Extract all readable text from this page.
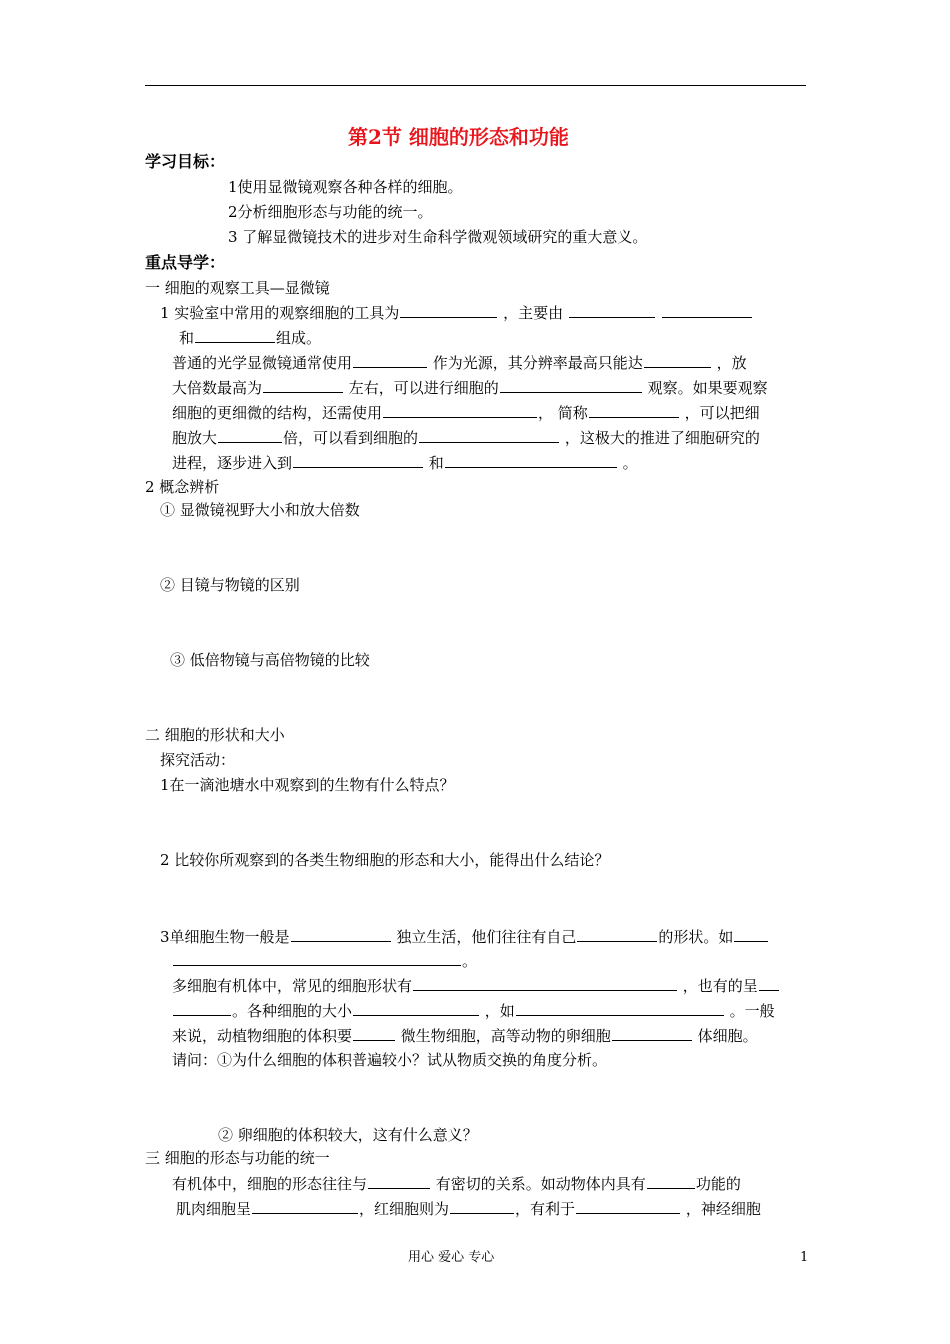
第2节 细胞的形态和功能
学习目标：
1使用显微镜观察各种各样的细胞。
2分析细胞形态与功能的统一。
3 了解显微镜技术的进步对生命科学微观领域研究的重大意义。
重点导学：
一 细胞的观察工具—显微镜
1 实验室中常用的观察细胞的工具为	，主要由
和	组成。
普通的光学显微镜通常使用	作为光源，其分辨率最高只能达	，放
大倍数最高为	左右，可以进行细胞的	观察。如果要观察
细胞的更细微的结构，还需使用	， 简称	，可以把细
胞放大	倍，可以看到细胞的	，这极大的推进了细胞研究的
进程，逐步进入到	和	。
2 概念辨析
① 显微镜视野大小和放大倍数
② 目镜与物镜的区别
③ 低倍物镜与高倍物镜的比较
二 细胞的形状和大小
探究活动：
1在一滴池塘水中观察到的生物有什么特点？
2 比较你所观察到的各类生物细胞的形态和大小，能得出什么结论？
3单细胞生物一般是	独立生活，他们往往有自己	的形状。如
。
多细胞有机体中，常见的细胞形状有	，也有的呈
。各种细胞的大小	，如	。一般
来说，动植物细胞的体积要	微生物细胞，高等动物的卵细胞	体细胞。
请问：①为什么细胞的体积普遍较小？试从物质交换的角度分析。
② 卵细胞的体积较大，这有什么意义？
三 细胞的形态与功能的统一
有机体中，细胞的形态往往与	有密切的关系。如动物体内具有	功能的
肌肉细胞呈	，红细胞则为	，有利于	，神经细胞
用心 爱心 专心	1
